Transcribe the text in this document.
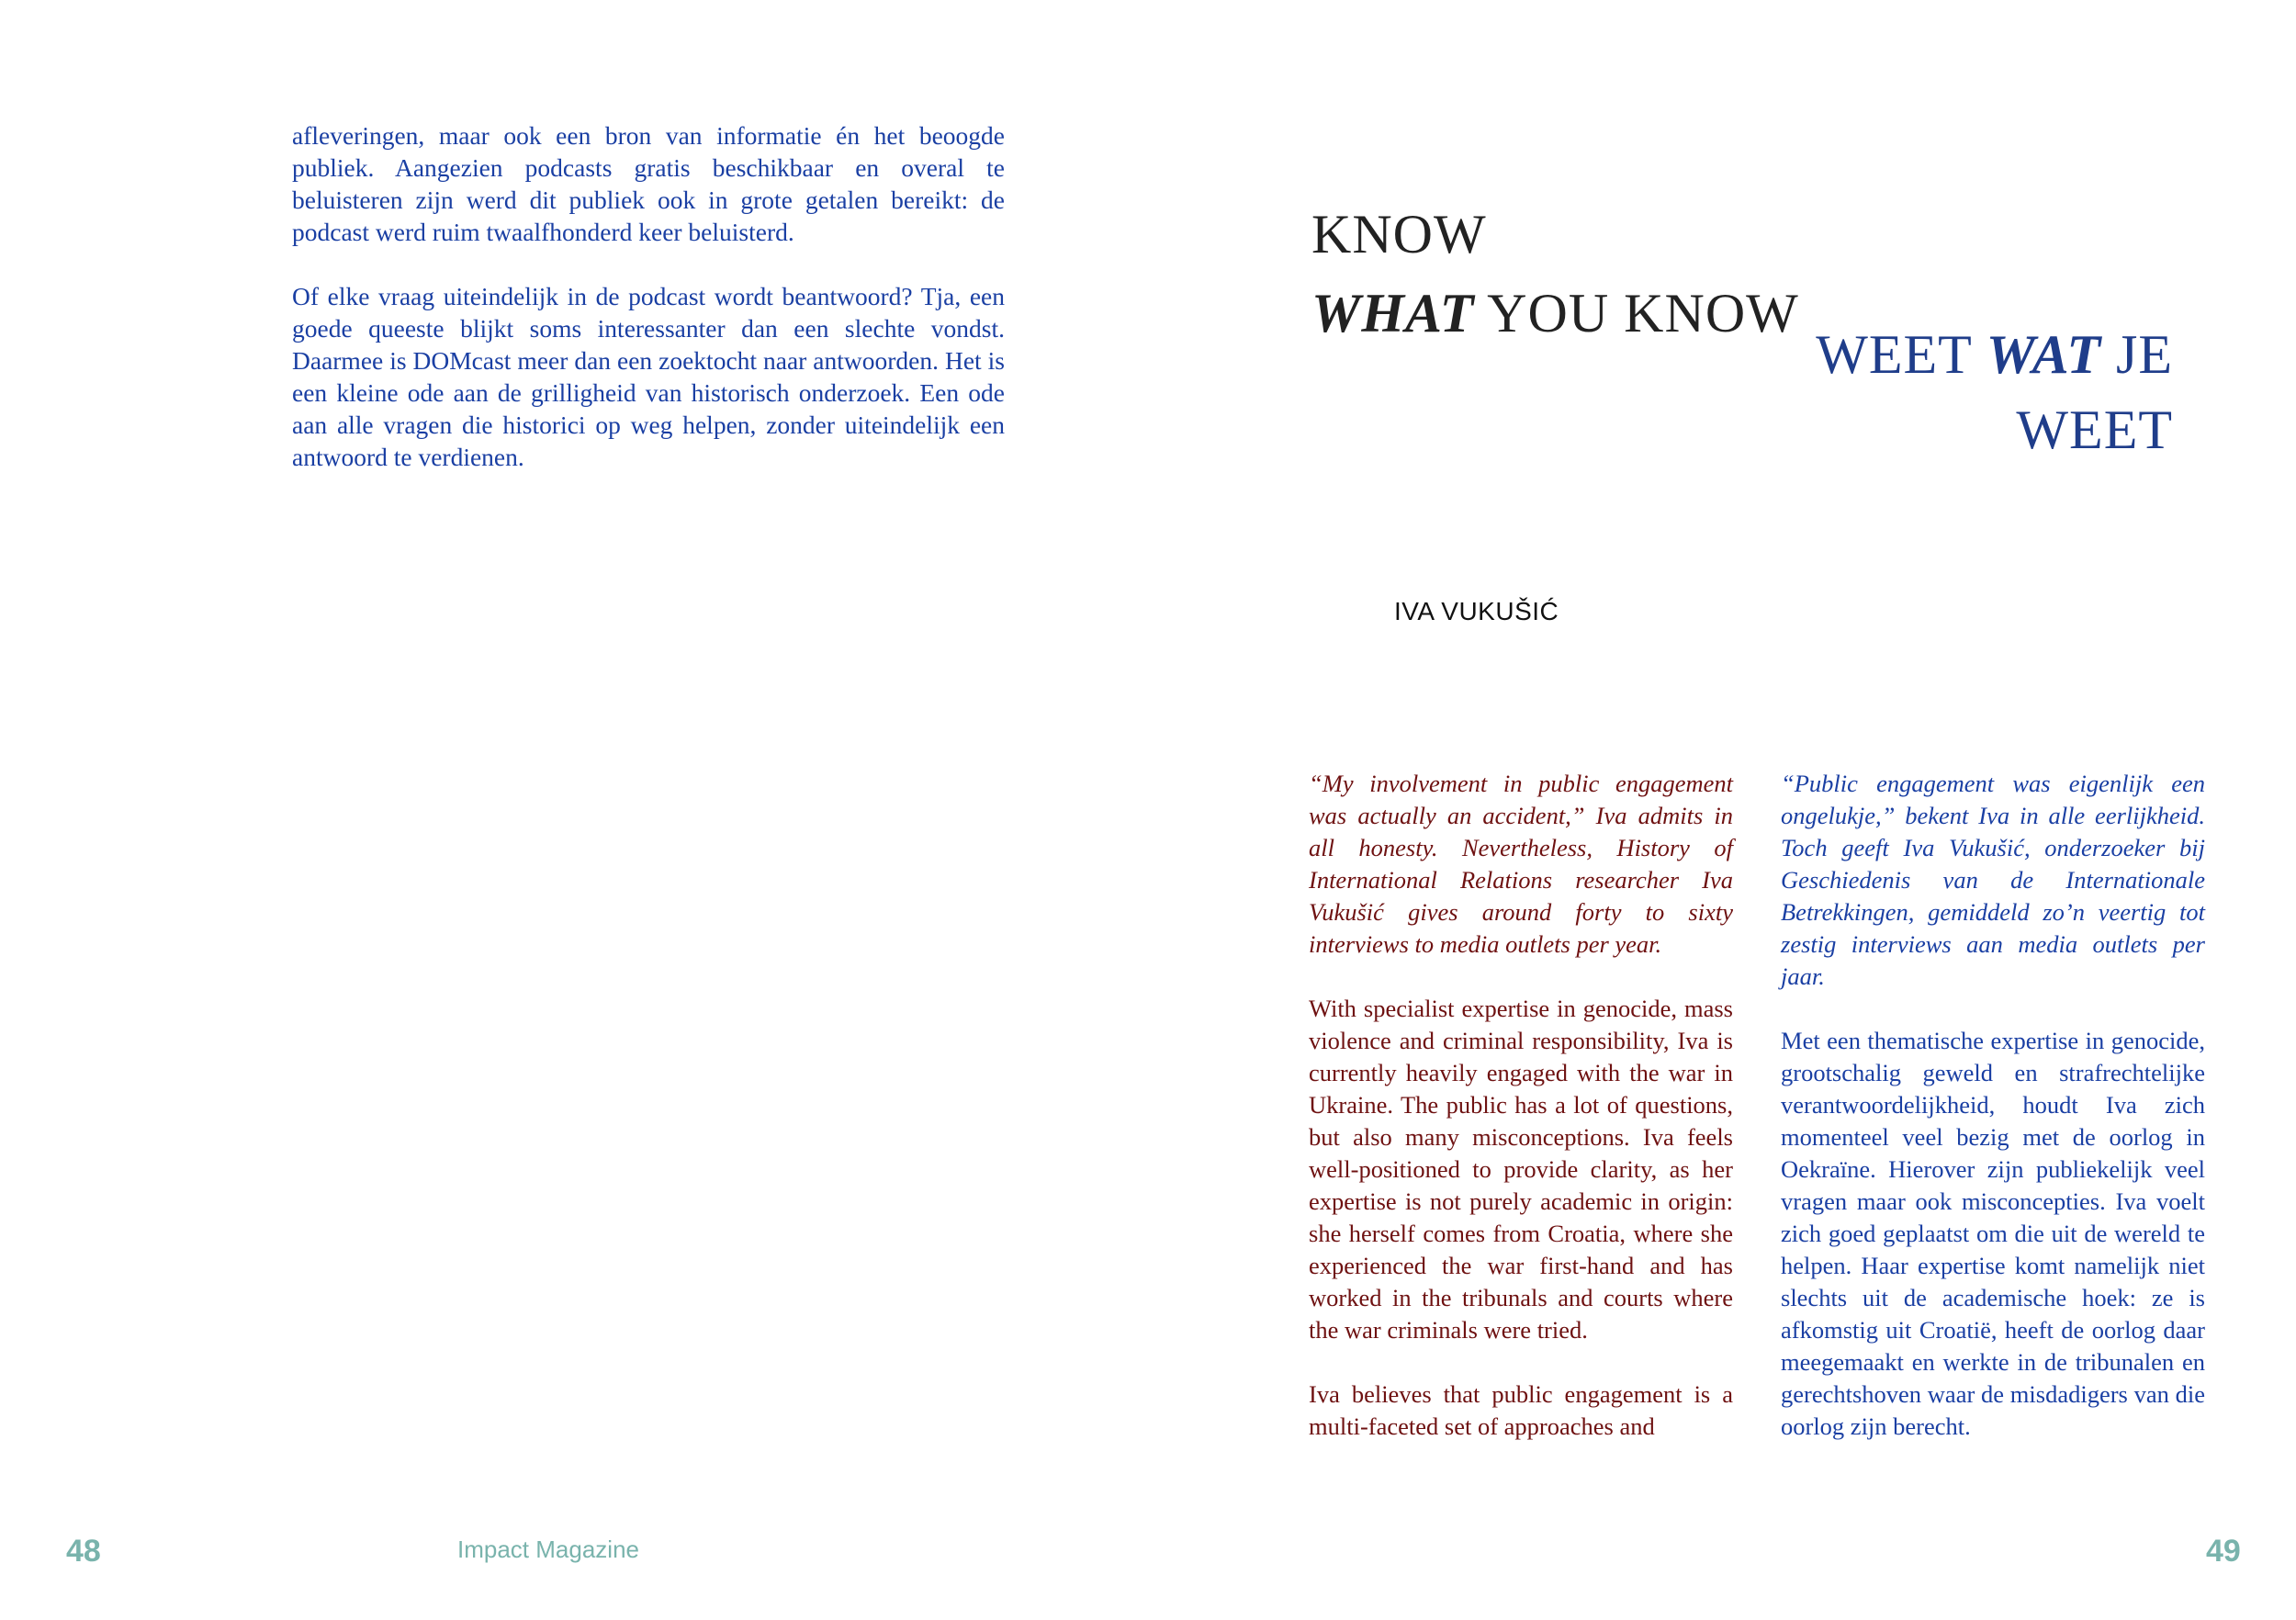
afleveringen, maar ook een bron van informatie én het beoogde publiek. Aangezien podcasts gratis beschikbaar en overal te beluisteren zijn werd dit publiek ook in grote getalen bereikt: de podcast werd ruim twaalfhonderd keer beluisterd.

Of elke vraag uiteindelijk in de podcast wordt beantwoord? Tja, een goede queeste blijkt soms interessanter dan een slechte vondst. Daarmee is DOMcast meer dan een zoektocht naar antwoorden. Het is een kleine ode aan de grilligheid van historisch onderzoek. Een ode aan alle vragen die historici op weg helpen, zonder uiteindelijk een antwoord te verdienen.

KNOW
WHAT YOU KNOW
WEET WAT JE
WEET
IVA VUKUŠIĆ

“My involvement in public engagement was actually an accident,” Iva admits in all honesty. Nevertheless, History of International Relations researcher Iva Vukušić gives around forty to sixty interviews to media outlets per year.

With specialist expertise in genocide, mass violence and criminal responsibility, Iva is currently heavily engaged with the war in Ukraine. The public has a lot of questions, but also many misconceptions. Iva feels well-positioned to provide clarity, as her expertise is not purely academic in origin: she herself comes from Croatia, where she experienced the war first-hand and has worked in the tribunals and courts where the war criminals were tried.

Iva believes that public engagement is a multi-faceted set of approaches and

“Public engagement was eigenlijk een ongelukje,” bekent Iva in alle eerlijkheid. Toch geeft Iva Vukušić, onderzoeker bij Geschiedenis van de Internationale Betrekkingen, gemiddeld zo’n veertig tot zestig interviews aan media outlets per jaar.

Met een thematische expertise in genocide, grootschalig geweld en strafrechtelijke verantwoordelijkheid, houdt Iva zich momenteel veel bezig met de oorlog in Oekraïne. Hierover zijn publiekelijk veel vragen maar ook misconcepties. Iva voelt zich goed geplaatst om die uit de wereld te helpen. Haar expertise komt namelijk niet slechts uit de academische hoek: ze is afkomstig uit Croatië, heeft de oorlog daar meegemaakt en werkte in de tribunalen en gerechtshoven waar de misdadigers van die oorlog zijn berecht.

48	Impact Magazine	49
